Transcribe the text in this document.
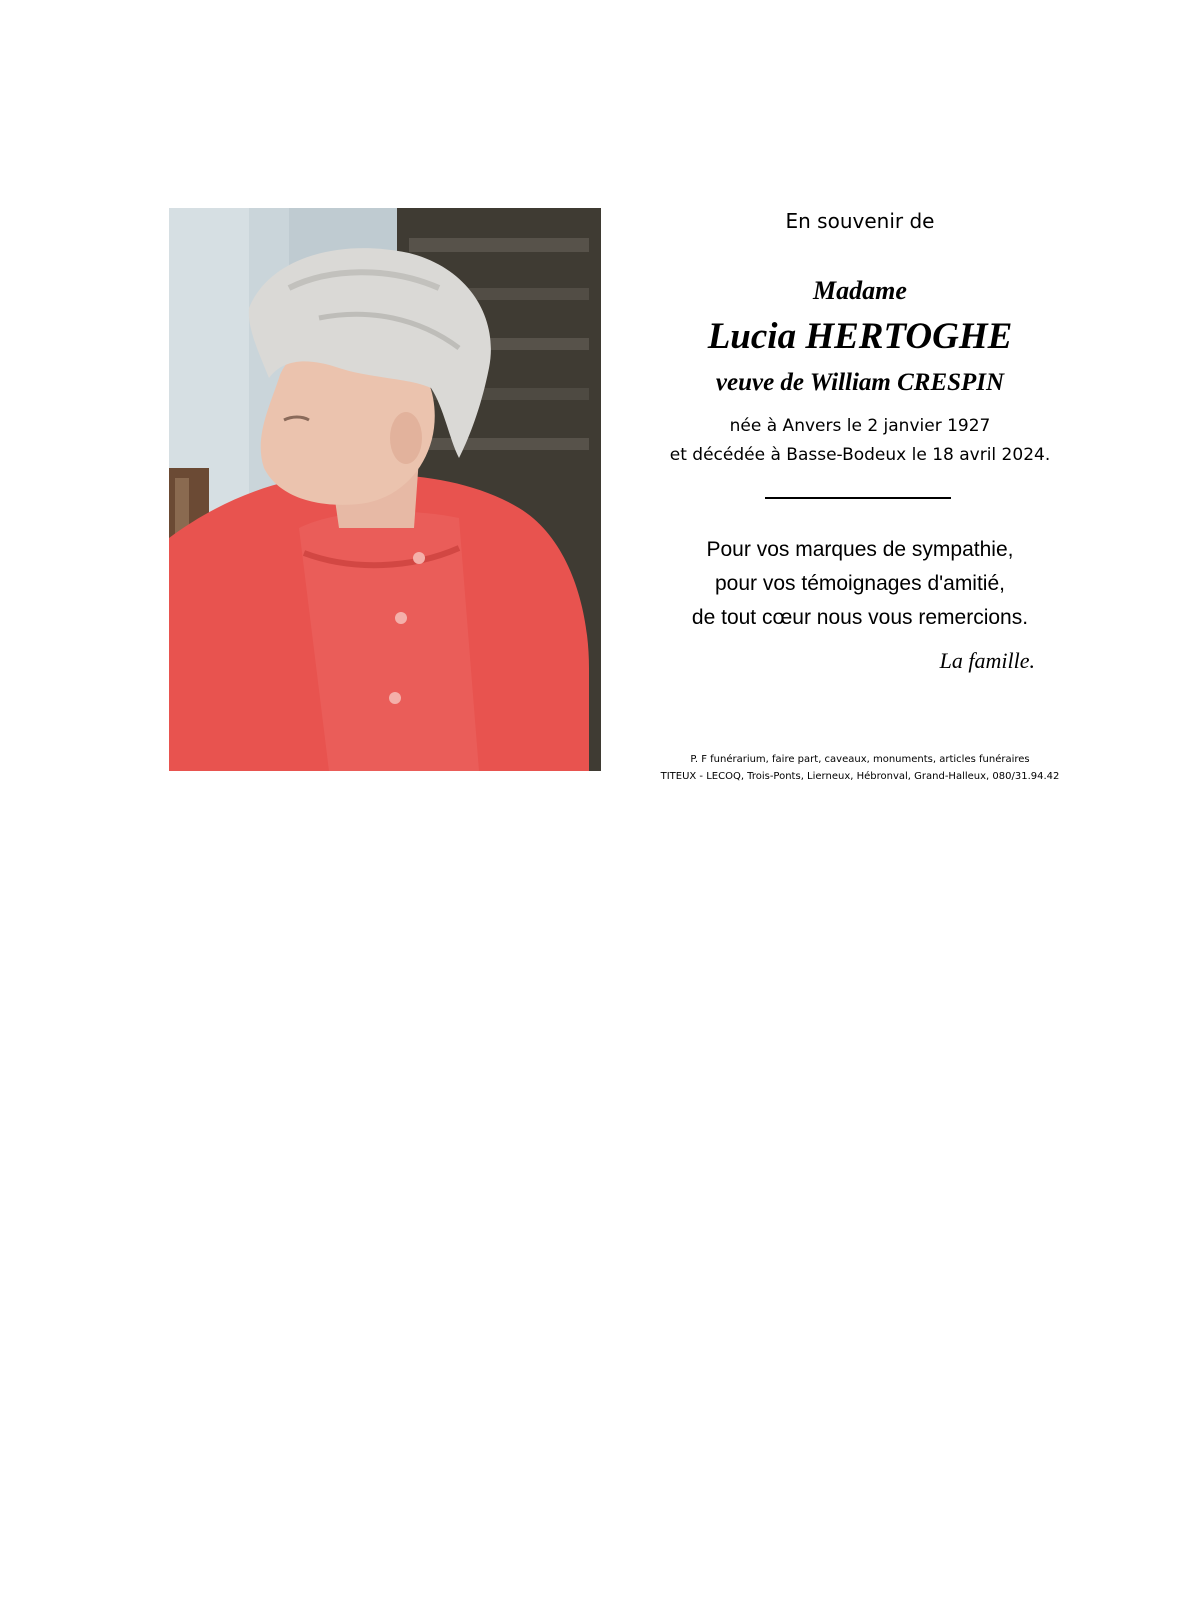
En souvenir de
Madame
Lucia HERTOGHE
veuve de William CRESPIN
née à Anvers le 2 janvier 1927
et décédée à Basse-Bodeux le 18 avril 2024.
Pour vos marques de sympathie,
pour vos témoignages d'amitié,
de tout cœur nous vous remercions.
La famille.
P. F funérarium, faire part, caveaux, monuments, articles funéraires
TITEUX - LECOQ, Trois-Ponts, Lierneux, Hébronval, Grand-Halleux, 080/31.94.42
